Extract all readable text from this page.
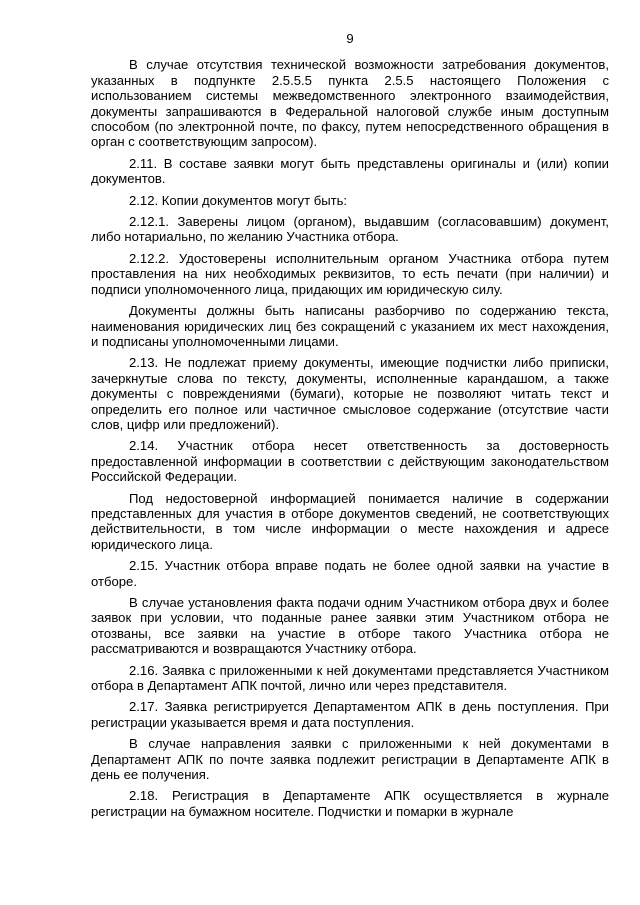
9

В случае отсутствия технической возможности затребования документов, указанных в подпункте 2.5.5.5 пункта 2.5.5 настоящего Положения с использованием системы межведомственного электронного взаимодействия, документы запрашиваются в Федеральной налоговой службе иным доступным способом (по электронной почте, по факсу, путем непосредственного обращения в орган с соответствующим запросом).

2.11. В составе заявки могут быть представлены оригиналы и (или) копии документов.

2.12. Копии документов могут быть:

2.12.1. Заверены лицом (органом), выдавшим (согласовавшим) документ, либо нотариально, по желанию Участника отбора.

2.12.2. Удостоверены исполнительным органом Участника отбора путем проставления на них необходимых реквизитов, то есть печати (при наличии) и подписи уполномоченного лица, придающих им юридическую силу.

Документы должны быть написаны разборчиво по содержанию текста, наименования юридических лиц без сокращений с указанием их мест нахождения, и подписаны уполномоченными лицами.

2.13. Не подлежат приему документы, имеющие подчистки либо приписки, зачеркнутые слова по тексту, документы, исполненные карандашом, а также документы с повреждениями (бумаги), которые не позволяют читать текст и определить его полное или частичное смысловое содержание (отсутствие части слов, цифр или предложений).

2.14. Участник отбора несет ответственность за достоверность предоставленной информации в соответствии с действующим законодательством Российской Федерации.

Под недостоверной информацией понимается наличие в содержании представленных для участия в отборе документов сведений, не соответствующих действительности, в том числе информации о месте нахождения и адресе юридического лица.

2.15. Участник отбора вправе подать не более одной заявки на участие в отборе.

В случае установления факта подачи одним Участником отбора двух и более заявок при условии, что поданные ранее заявки этим Участником отбора не отозваны, все заявки на участие в отборе такого Участника отбора не рассматриваются и возвращаются Участнику отбора.

2.16. Заявка с приложенными к ней документами представляется Участником отбора в Департамент АПК почтой, лично или через представителя.

2.17. Заявка регистрируется Департаментом АПК в день поступления. При регистрации указывается время и дата поступления.

В случае направления заявки с приложенными к ней документами в Департамент АПК по почте заявка подлежит регистрации в Департаменте АПК в день ее получения.

2.18. Регистрация в Департаменте АПК осуществляется в журнале регистрации на бумажном носителе. Подчистки и помарки в журнале
